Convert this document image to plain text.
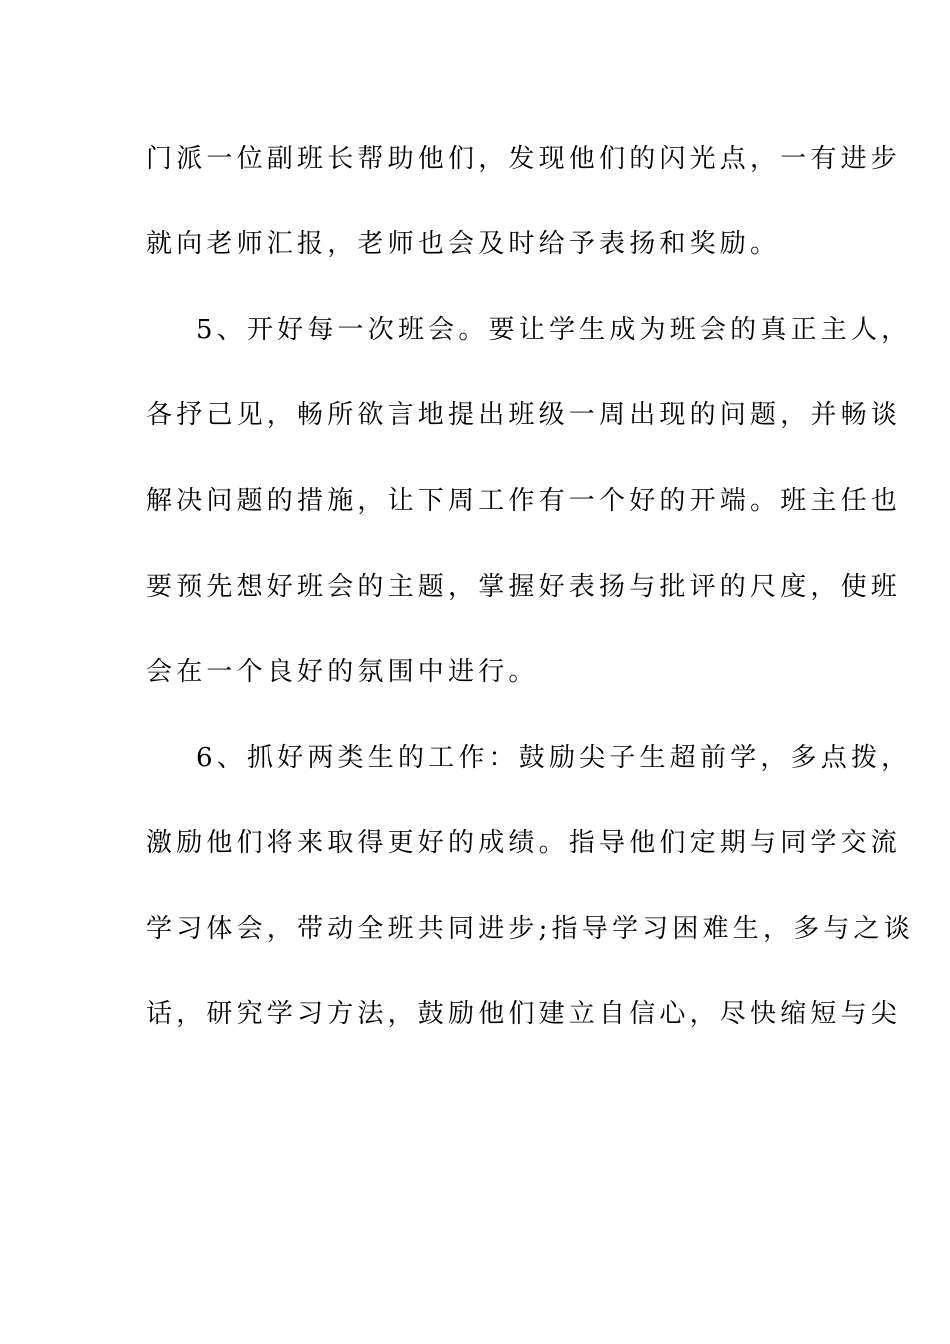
门派一位副班长帮助他们，发现他们的闪光点，一有进步
就向老师汇报，老师也会及时给予表扬和奖励。
5、开好每一次班会。要让学生成为班会的真正主人，
各抒己见，畅所欲言地提出班级一周出现的问题，并畅谈
解决问题的措施，让下周工作有一个好的开端。班主任也
要预先想好班会的主题，掌握好表扬与批评的尺度，使班
会在一个良好的氛围中进行。
6、抓好两类生的工作：鼓励尖子生超前学，多点拨，
激励他们将来取得更好的成绩。指导他们定期与同学交流
学习体会，带动全班共同进步;指导学习困难生，多与之谈
话，研究学习方法，鼓励他们建立自信心，尽快缩短与尖
